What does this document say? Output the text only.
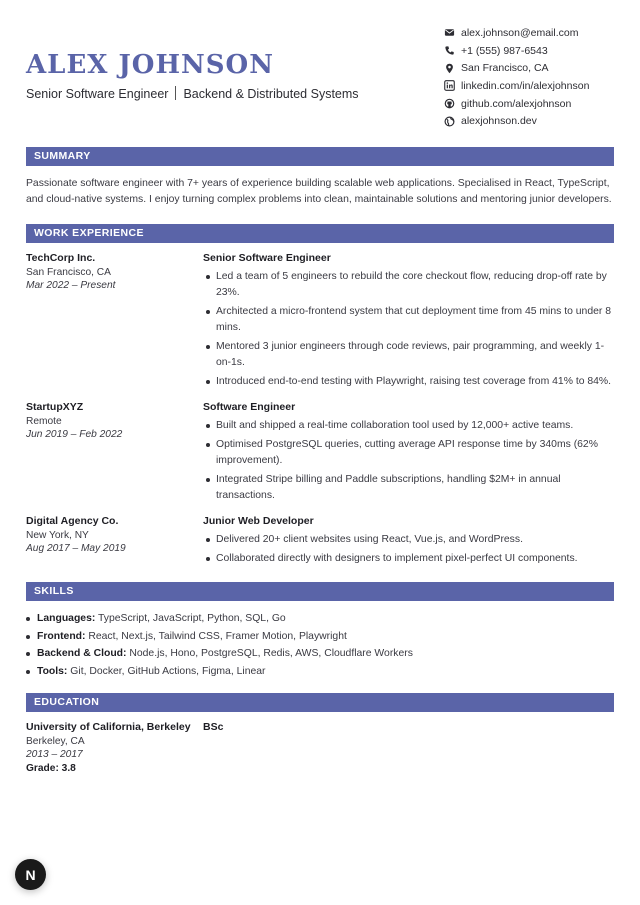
ALEX JOHNSON
Senior Software Engineer Backend & Distributed Systems
alex.johnson@email.com
+1 (555) 987-6543
San Francisco, CA
linkedin.com/in/alexjohnson
github.com/alexjohnson
alexjohnson.dev
SUMMARY
Passionate software engineer with 7+ years of experience building scalable web applications. Specialised in React, TypeScript, and cloud-native systems. I enjoy turning complex problems into clean, maintainable solutions and mentoring junior developers.
WORK EXPERIENCE
TechCorp Inc.
San Francisco, CA
Mar 2022 – Present
Senior Software Engineer
Led a team of 5 engineers to rebuild the core checkout flow, reducing drop-off rate by 23%.
Architected a micro-frontend system that cut deployment time from 45 mins to under 8 mins.
Mentored 3 junior engineers through code reviews, pair programming, and weekly 1-on-1s.
Introduced end-to-end testing with Playwright, raising test coverage from 41% to 84%.
StartupXYZ
Remote
Jun 2019 – Feb 2022
Software Engineer
Built and shipped a real-time collaboration tool used by 12,000+ active teams.
Optimised PostgreSQL queries, cutting average API response time by 340ms (62% improvement).
Integrated Stripe billing and Paddle subscriptions, handling $2M+ in annual transactions.
Digital Agency Co.
New York, NY
Aug 2017 – May 2019
Junior Web Developer
Delivered 20+ client websites using React, Vue.js, and WordPress.
Collaborated directly with designers to implement pixel-perfect UI components.
SKILLS
Languages: TypeScript, JavaScript, Python, SQL, Go
Frontend: React, Next.js, Tailwind CSS, Framer Motion, Playwright
Backend & Cloud: Node.js, Hono, PostgreSQL, Redis, AWS, Cloudflare Workers
Tools: Git, Docker, GitHub Actions, Figma, Linear
EDUCATION
University of California, Berkeley
Berkeley, CA
2013 – 2017
Grade: 3.8
BSc
N
